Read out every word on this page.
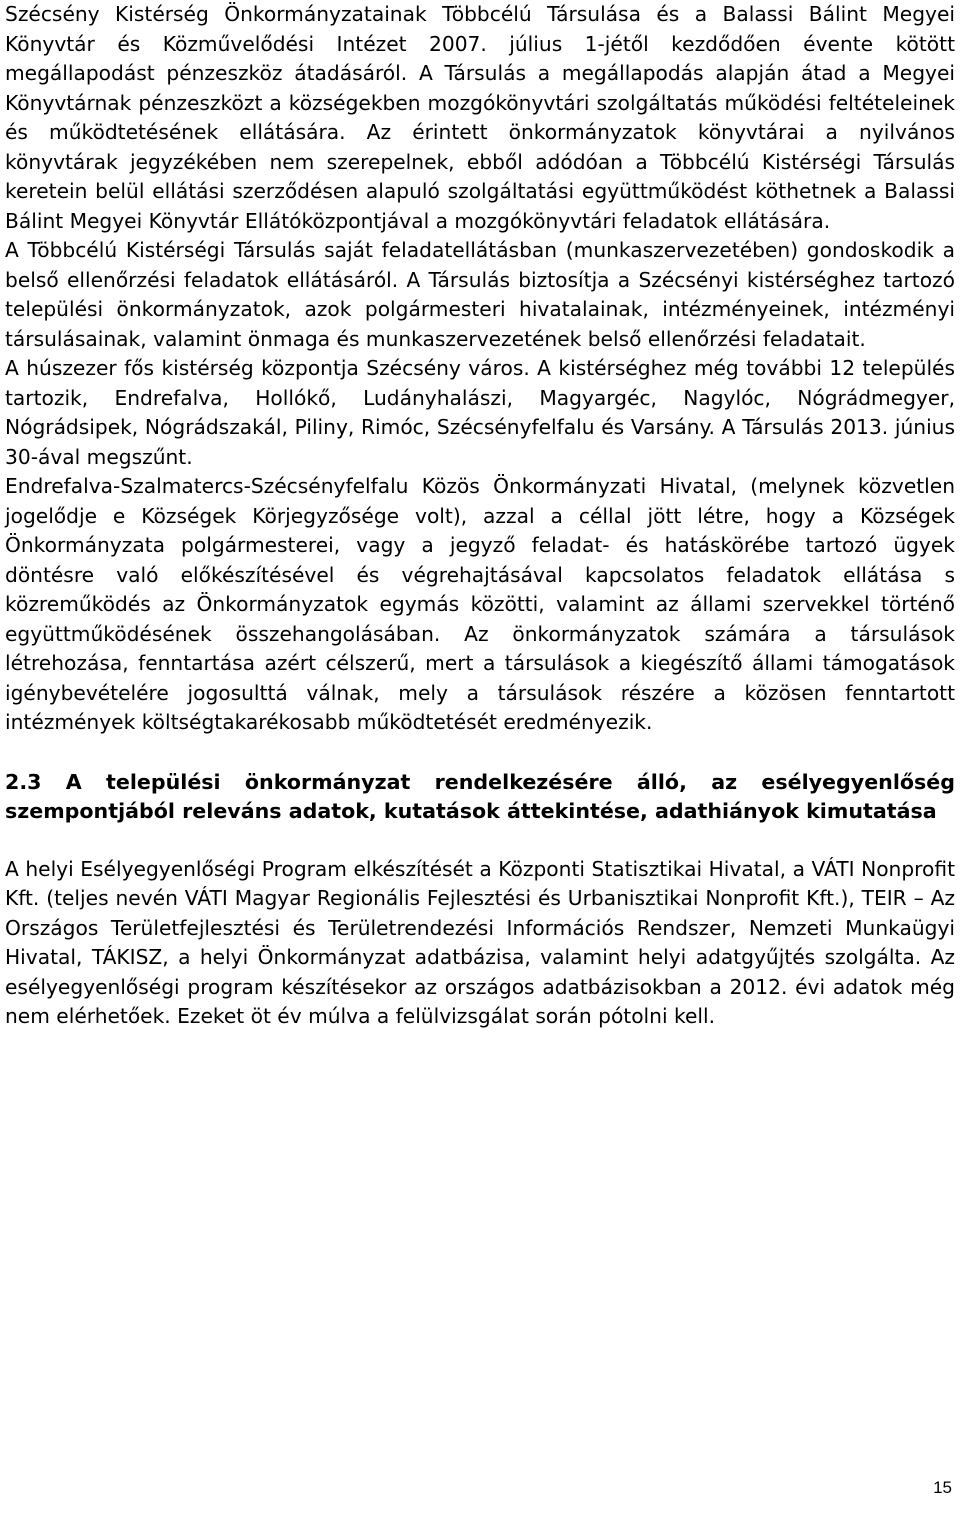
Szécsény Kistérség Önkormányzatainak Többcélú Társulása és a Balassi Bálint Megyei Könyvtár és Közművelődési Intézet 2007. július 1-jétől kezdődően évente kötött megállapodást pénzeszköz átadásáról. A Társulás a megállapodás alapján átad a Megyei Könyvtárnak pénzeszközt a községekben mozgókönyvtári szolgáltatás működési feltételeinek és működtetésének ellátására. Az érintett önkormányzatok könyvtárai a nyilvános könyvtárak jegyzékében nem szerepelnek, ebből adódóan a Többcélú Kistérségi Társulás keretein belül ellátási szerződésen alapuló szolgáltatási együttműködést köthetnek a Balassi Bálint Megyei Könyvtár Ellátóközpontjával a mozgókönyvtári feladatok ellátására.

A Többcélú Kistérségi Társulás saját feladatellátásban (munkaszervezetében) gondoskodik a belső ellenőrzési feladatok ellátásáról. A Társulás biztosítja a Szécsényi kistérséghez tartozó települési önkormányzatok, azok polgármesteri hivatalainak, intézményeinek, intézményi társulásainak, valamint önmaga és munkaszervezetének belső ellenőrzési feladatait.

A húszezer fős kistérség központja Szécsény város. A kistérséghez még további 12 település tartozik, Endrefalva, Hollókő, Ludányhalászi, Magyargéc, Nagylóc, Nógrádmegyer, Nógrádsipek, Nógrádszakál, Piliny, Rimóc, Szécsényfelfalu és Varsány. A Társulás 2013. június 30-ával megszűnt.

Endrefalva-Szalmatercs-Szécsényfelfalu Közös Önkormányzati Hivatal, (melynek közvetlen jogelődje e Községek Körjegyzősége volt), azzal a céllal jött létre, hogy a Községek Önkormányzata polgármesterei, vagy a jegyző feladat- és hatáskörébe tartozó ügyek döntésre való előkészítésével és végrehajtásával kapcsolatos feladatok ellátása s közreműködés az Önkormányzatok egymás közötti, valamint az állami szervekkel történő együttműködésének összehangolásában. Az önkormányzatok számára a társulások létrehozása, fenntartása azért célszerű, mert a társulások a kiegészítő állami támogatások igénybevételére jogosulttá válnak, mely a társulások részére a közösen fenntartott intézmények költségtakarékosabb működtetését eredményezik.

2.3 A települési önkormányzat rendelkezésére álló, az esélyegyenlőség szempontjából releváns adatok, kutatások áttekintése, adathiányok kimutatása

A helyi Esélyegyenlőségi Program elkészítését a Központi Statisztikai Hivatal, a VÁTI Nonprofit Kft. (teljes nevén VÁTI Magyar Regionális Fejlesztési és Urbanisztikai Nonprofit Kft.), TEIR – Az Országos Területfejlesztési és Területrendezési Információs Rendszer, Nemzeti Munkaügyi Hivatal, TÁKISZ, a helyi Önkormányzat adatbázisa, valamint helyi adatgyűjtés szolgálta. Az esélyegyenlőségi program készítésekor az országos adatbázisokban a 2012. évi adatok még nem elérhetőek. Ezeket öt év múlva a felülvizsgálat során pótolni kell.

15
